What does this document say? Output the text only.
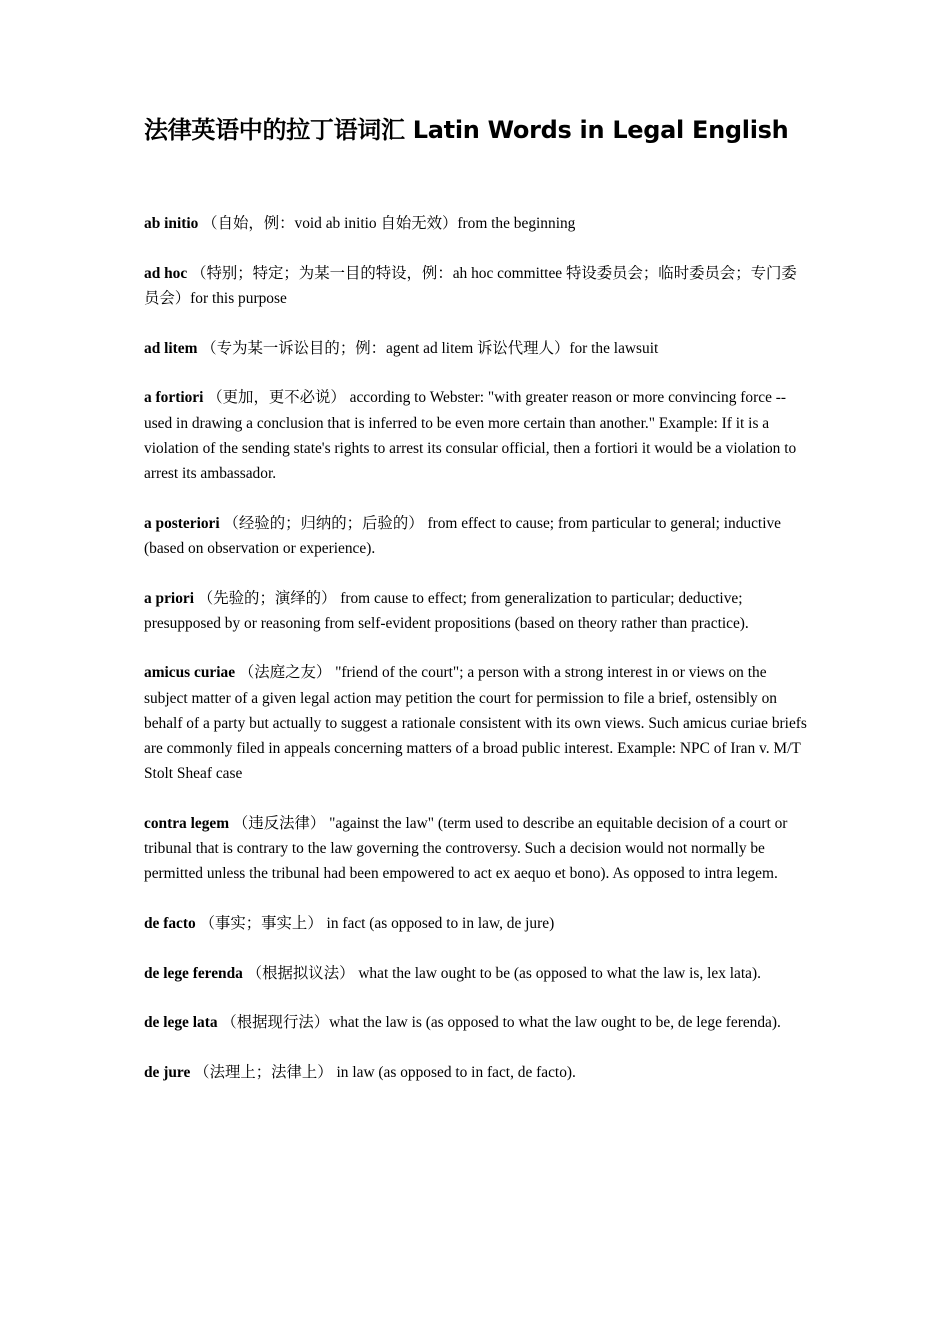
法律英语中的拉丁语词汇 Latin Words in Legal English

ab initio （自始，例：void ab initio 自始无效）from the beginning

ad hoc （特别；特定；为某一目的特设，例：ah hoc committee 特设委员会；临时委员会；专门委员会）for this purpose

ad litem （专为某一诉讼目的；例：agent ad litem 诉讼代理人）for the lawsuit

a fortiori （更加，更不必说） according to Webster: "with greater reason or more convincing force -- used in drawing a conclusion that is inferred to be even more certain than another." Example: If it is a violation of the sending state's rights to arrest its consular official, then a fortiori it would be a violation to arrest its ambassador.

a posteriori （经验的；归纳的；后验的） from effect to cause; from particular to general; inductive (based on observation or experience).

a priori （先验的；演绎的） from cause to effect; from generalization to particular; deductive; presupposed by or reasoning from self-evident propositions (based on theory rather than practice).

amicus curiae （法庭之友） "friend of the court"; a person with a strong interest in or views on the subject matter of a given legal action may petition the court for permission to file a brief, ostensibly on behalf of a party but actually to suggest a rationale consistent with its own views. Such amicus curiae briefs are commonly filed in appeals concerning matters of a broad public interest. Example: NPC of Iran v. M/T Stolt Sheaf case

contra legem （违反法律） "against the law" (term used to describe an equitable decision of a court or tribunal that is contrary to the law governing the controversy. Such a decision would not normally be permitted unless the tribunal had been empowered to act ex aequo et bono). As opposed to intra legem.

de facto （事实；事实上） in fact (as opposed to in law, de jure)

de lege ferenda （根据拟议法） what the law ought to be (as opposed to what the law is, lex lata).

de lege lata （根据现行法）what the law is (as opposed to what the law ought to be, de lege ferenda).

de jure （法理上；法律上） in law (as opposed to in fact, de facto).
